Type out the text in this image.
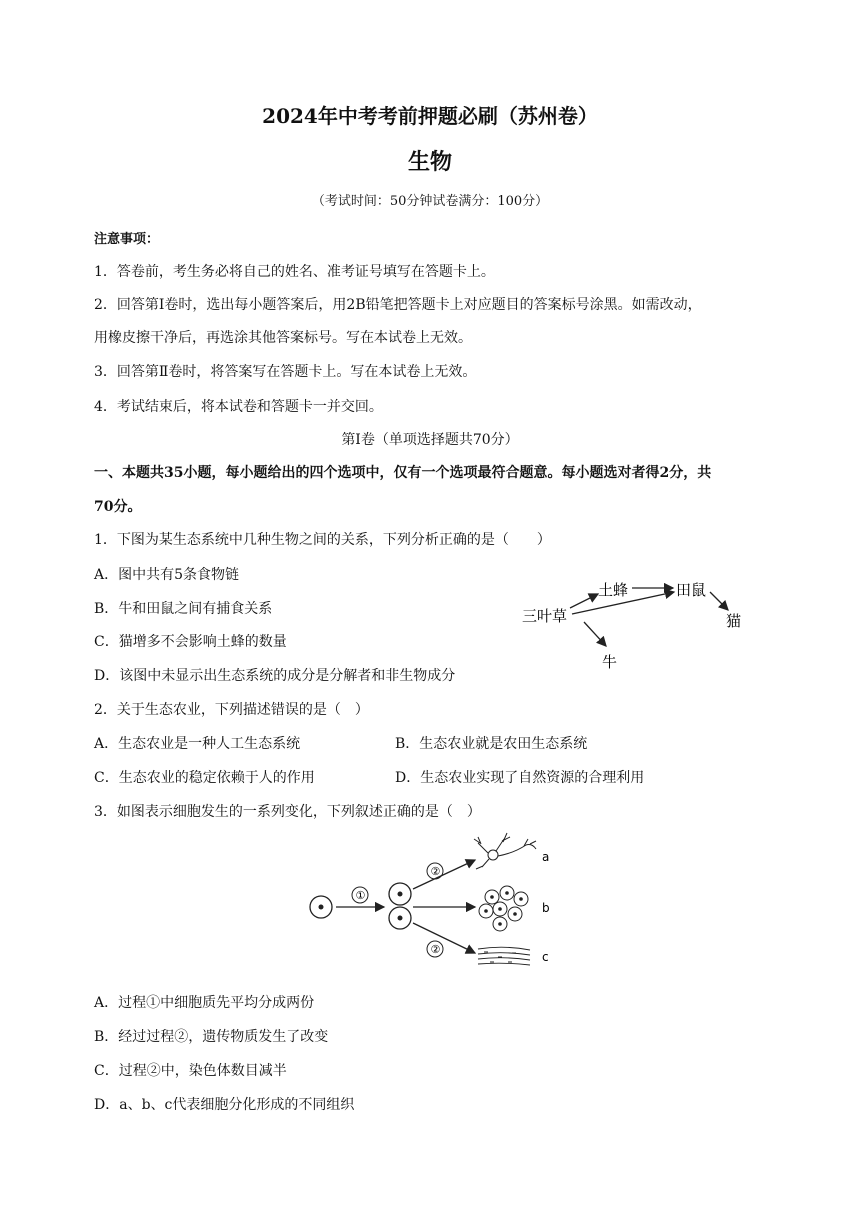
2024年中考考前押题必刷（苏州卷）
生物
（考试时间：50分钟试卷满分：100分）
注意事项：
1．答卷前，考生务必将自己的姓名、准考证号填写在答题卡上。
2．回答第Ⅰ卷时，选出每小题答案后，用2B铅笔把答题卡上对应题目的答案标号涂黑。如需改动，
用橡皮擦干净后，再选涂其他答案标号。写在本试卷上无效。
3．回答第Ⅱ卷时，将答案写在答题卡上。写在本试卷上无效。
4．考试结束后，将本试卷和答题卡一并交回。
第Ⅰ卷（单项选择题共70分）
一、本题共35小题，每小题给出的四个选项中，仅有一个选项最符合题意。每小题选对者得2分，共
70分。
1．下图为某生态系统中几种生物之间的关系，下列分析正确的是（　　）
A．图中共有5条食物链
B．牛和田鼠之间有捕食关系
C．猫增多不会影响土蜂的数量
D．该图中未显示出生态系统的成分是分解者和非生物成分
三叶草
土蜂	田鼠
猫
牛
2．关于生态农业，下列描述错误的是（　）
A．生态农业是一种人工生态系统	B．生态农业就是农田生态系统
C．生态农业的稳定依赖于人的作用	D．生态农业实现了自然资源的合理利用
3．如图表示细胞发生的一系列变化，下列叙述正确的是（　）
①
②
②
a
b
c
A．过程①中细胞质先平均分成两份
B．经过过程②，遗传物质发生了改变
C．过程②中，染色体数目减半
D．a、b、c代表细胞分化形成的不同组织
